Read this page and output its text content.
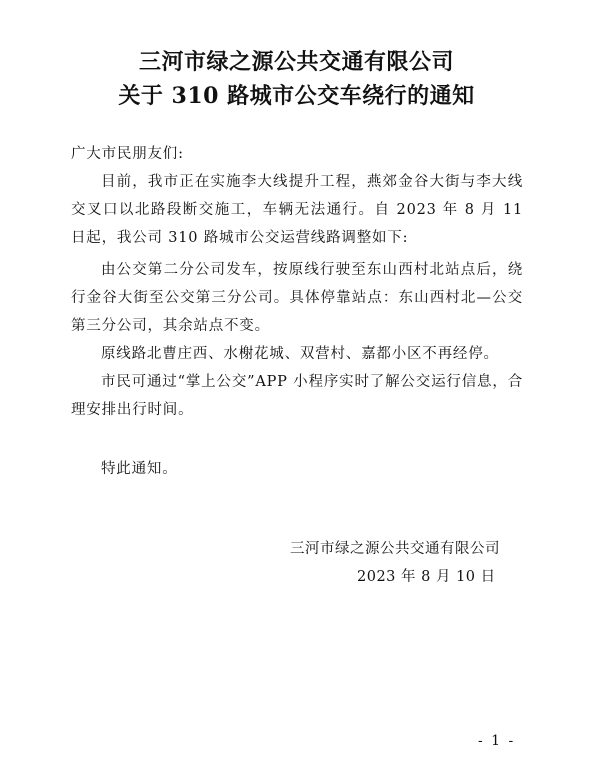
三河市绿之源公共交通有限公司
关于 310 路城市公交车绕行的通知
广大市民朋友们:
目前，我市正在实施李大线提升工程，燕郊金谷大街与李大线交叉口以北路段断交施工，车辆无法通行。自 2023 年 8 月 11 日起，我公司 310 路城市公交运营线路调整如下:
由公交第二分公司发车，按原线行驶至东山西村北站点后，绕行金谷大街至公交第三分公司。具体停靠站点：东山西村北—公交第三分公司，其余站点不变。
原线路北曹庄西、水榭花城、双营村、嘉都小区不再经停。
市民可通过“掌上公交”APP 小程序实时了解公交运行信息，合理安排出行时间。
特此通知。
三河市绿之源公共交通有限公司
2023 年 8 月 10 日
- 1 -
